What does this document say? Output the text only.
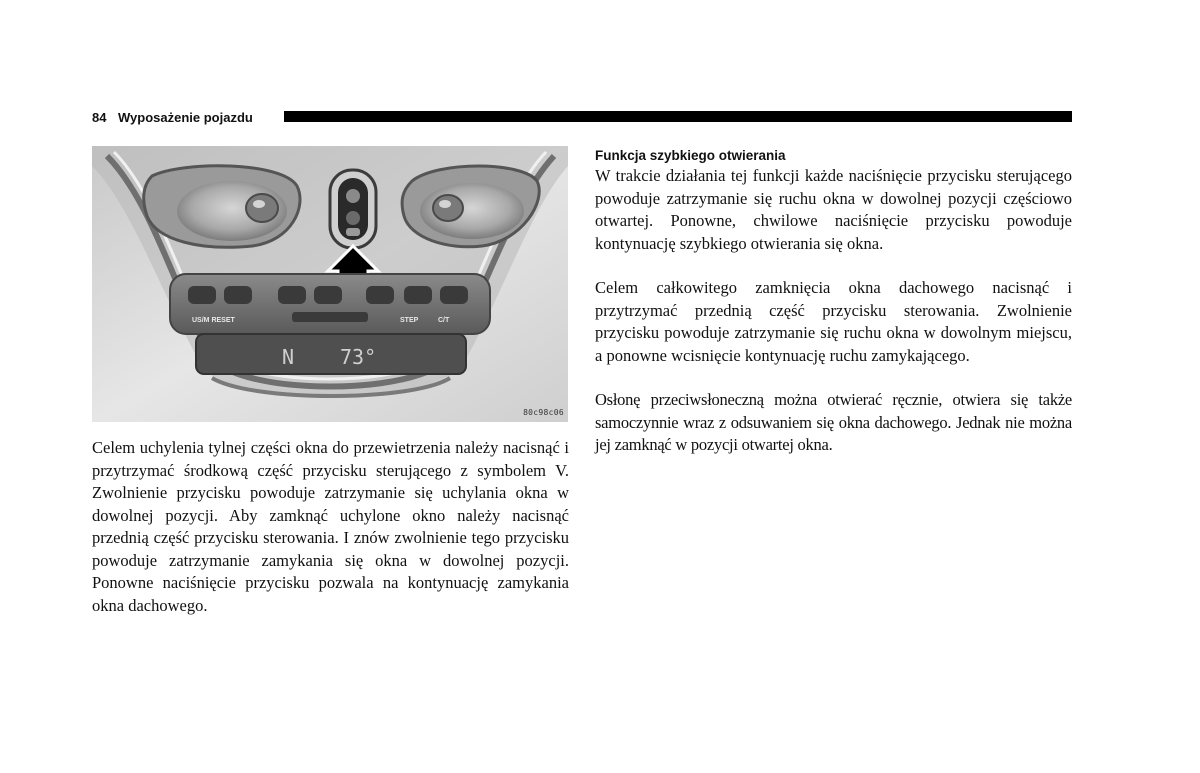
84 Wyposażenie pojazdu
US/M RESET	STEP	C/T
N 73°
80c98c06
Celem uchylenia tylnej części okna do przewietrzenia należy nacisnąć i przytrzymać środkową część przycisku sterującego z symbolem V. Zwolnienie przycisku powoduje zatrzymanie się uchylania okna w dowolnej pozycji. Aby zamknąć uchylone okno należy nacisnąć przednią część przycisku sterowania. I znów zwolnienie tego przycisku powoduje zatrzymanie zamykania się okna w dowolnej pozycji. Ponowne naciśnięcie przycisku pozwala na kontynuację zamykania okna dachowego.
Funkcja szybkiego otwierania
W trakcie działania tej funkcji każde naciśnięcie przycisku sterującego powoduje zatrzymanie się ruchu okna w dowolnej pozycji częściowo otwartej. Ponowne, chwilowe naciśnięcie przycisku powoduje kontynuację szybkiego otwierania się okna.
Celem całkowitego zamknięcia okna dachowego nacisnąć i przytrzymać przednią część przycisku sterowania. Zwolnienie przycisku powoduje zatrzymanie się ruchu okna w dowolnym miejscu, a ponowne wcisnięcie kontynuację ruchu zamykającego.
Osłonę przeciwsłoneczną można otwierać ręcznie, otwiera się także samoczynnie wraz z odsuwaniem się okna dachowego. Jednak nie można jej zamknąć w pozycji otwartej okna.
